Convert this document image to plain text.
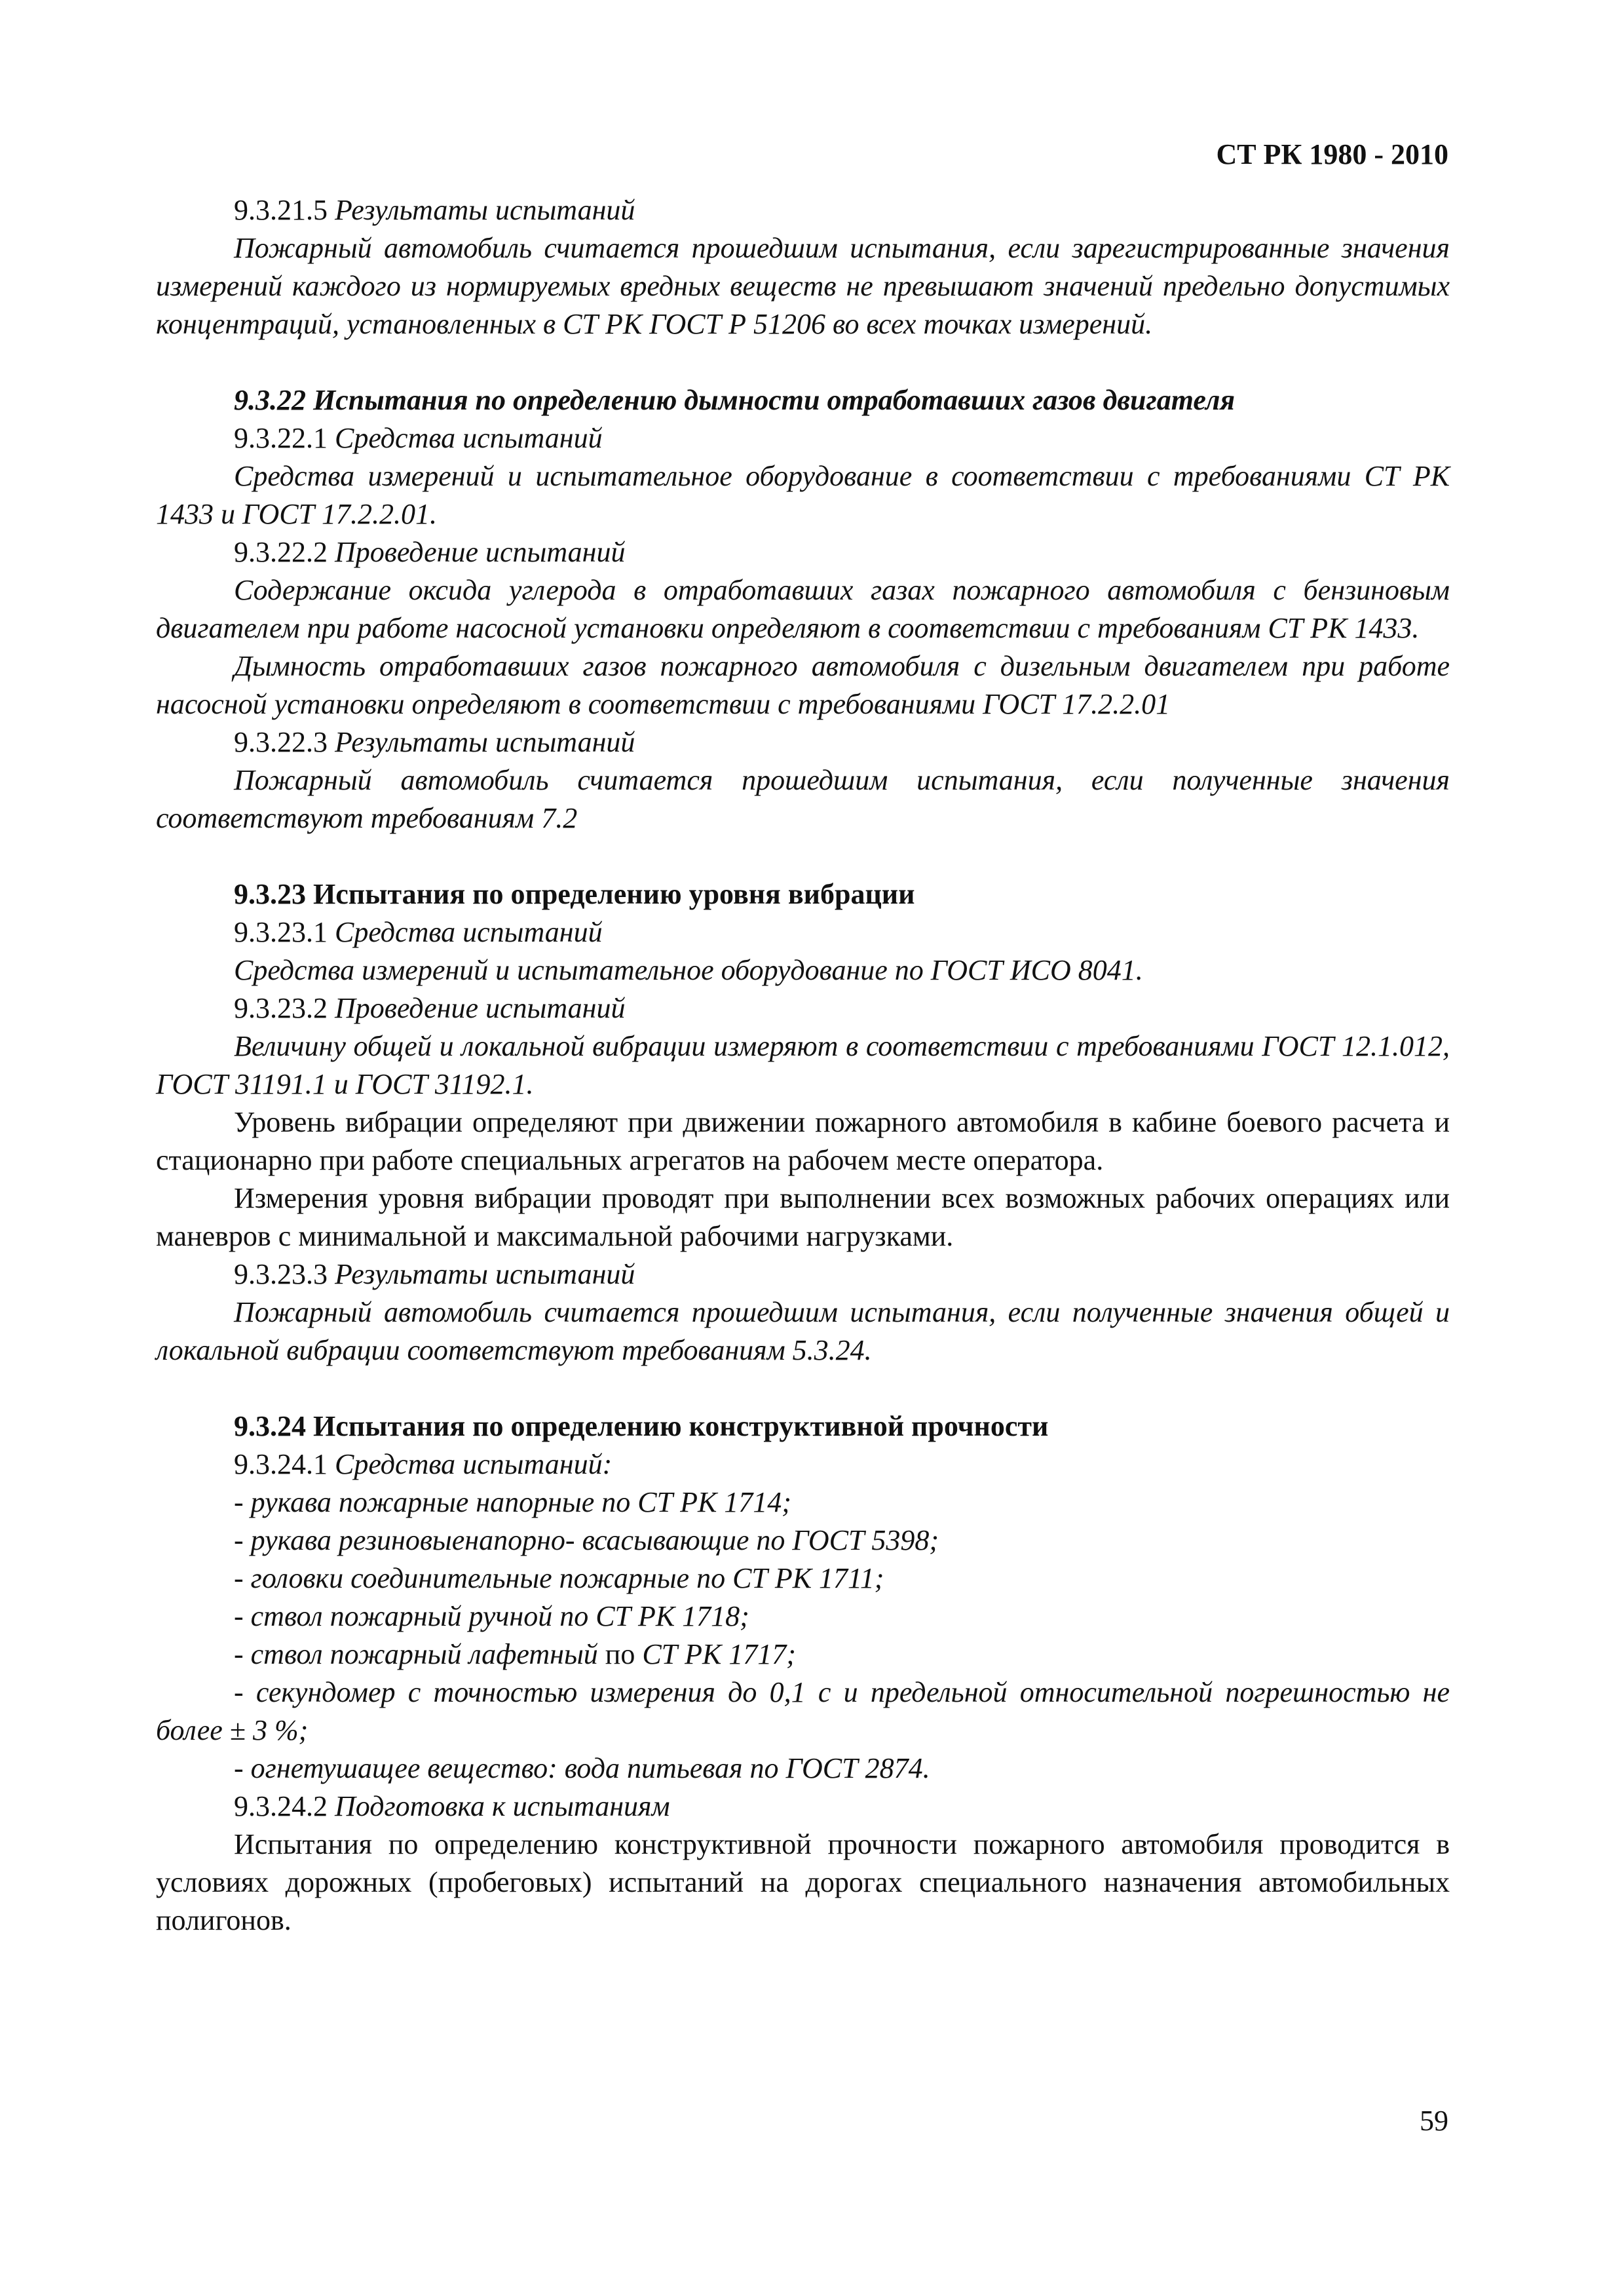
СТ РК 1980 - 2010

9.3.21.5 Результаты испытаний

Пожарный автомобиль считается прошедшим испытания, если зарегистрированные значения измерений каждого из нормируемых вредных веществ не превышают значений предельно допустимых концентраций, установленных в СТ РК ГОСТ Р 51206 во всех точках измерений.

9.3.22 Испытания по определению дымности отработавших газов двигателя

9.3.22.1 Средства испытаний

Средства измерений и испытательное оборудование в соответствии с требованиями СТ РК 1433 и ГОСТ 17.2.2.01.

9.3.22.2 Проведение испытаний

Содержание оксида углерода в отработавших газах пожарного автомобиля с бензиновым двигателем при работе насосной установки определяют в соответствии с требованиям СТ РК 1433.

Дымность отработавших газов пожарного автомобиля с дизельным двигателем при работе насосной установки определяют в соответствии с требованиями ГОСТ 17.2.2.01

9.3.22.3 Результаты испытаний

Пожарный автомобиль считается прошедшим испытания, если полученные значения соответствуют требованиям 7.2

9.3.23 Испытания по определению уровня вибрации

9.3.23.1 Средства испытаний

Средства измерений и испытательное оборудование по ГОСТ ИСО 8041.

9.3.23.2 Проведение испытаний

Величину общей и локальной вибрации измеряют в соответствии с требованиями ГОСТ 12.1.012, ГОСТ 31191.1 и ГОСТ 31192.1.

Уровень вибрации определяют при движении пожарного автомобиля в кабине боевого расчета и стационарно при работе специальных агрегатов на рабочем месте оператора.

Измерения уровня вибрации проводят при выполнении всех возможных рабочих операциях или маневров с минимальной и максимальной рабочими нагрузками.

9.3.23.3 Результаты испытаний

Пожарный автомобиль считается прошедшим испытания, если полученные значения общей и локальной вибрации соответствуют требованиям 5.3.24.

9.3.24 Испытания по определению конструктивной прочности

9.3.24.1 Средства испытаний:

- рукава пожарные напорные по СТ РК 1714;

- рукава резиновыенапорно- всасывающие по ГОСТ 5398;

- головки соединительные пожарные по СТ РК 1711;

- ствол пожарный ручной по СТ РК 1718;

- ствол пожарный лафетный по СТ РК 1717;

- секундомер с точностью измерения до 0,1 с и предельной относительной погрешностью не более ± 3 %;

- огнетушащее вещество: вода питьевая по ГОСТ 2874.

9.3.24.2 Подготовка к испытаниям

Испытания по определению конструктивной прочности пожарного автомобиля проводится в условиях дорожных (пробеговых) испытаний на дорогах специального назначения автомобильных полигонов.

59
